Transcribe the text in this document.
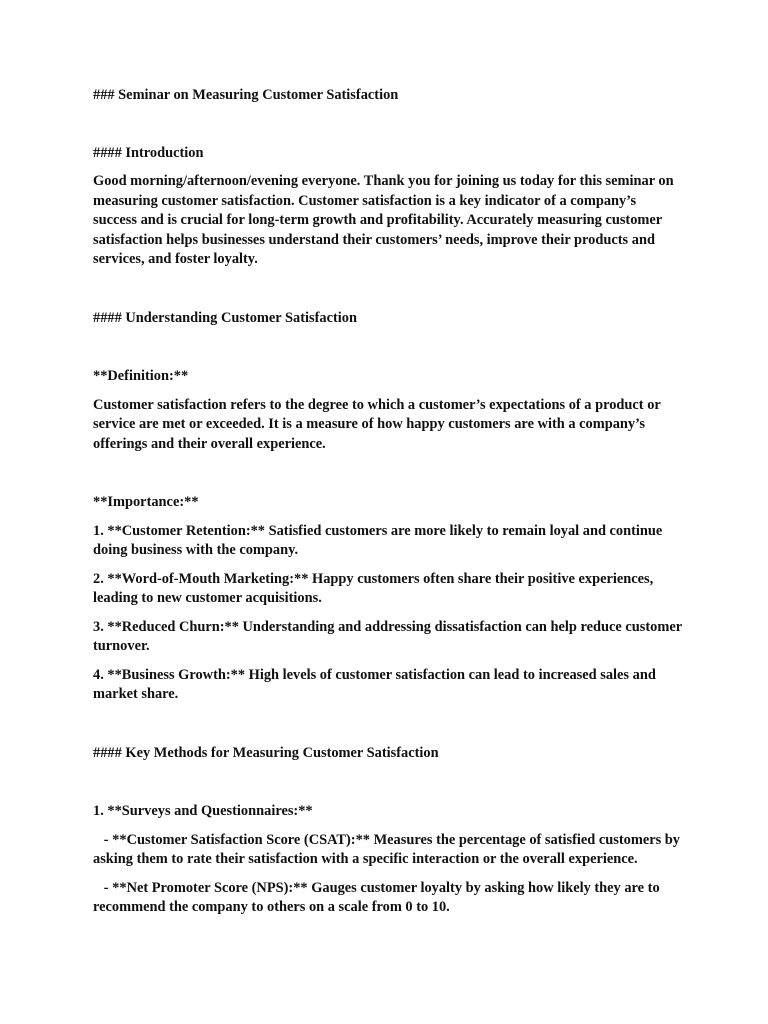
### Seminar on Measuring Customer Satisfaction

#### Introduction

Good morning/afternoon/evening everyone. Thank you for joining us today for this seminar on measuring customer satisfaction. Customer satisfaction is a key indicator of a company’s success and is crucial for long-term growth and profitability. Accurately measuring customer satisfaction helps businesses understand their customers’ needs, improve their products and services, and foster loyalty.

#### Understanding Customer Satisfaction

**Definition:**

Customer satisfaction refers to the degree to which a customer’s expectations of a product or service are met or exceeded. It is a measure of how happy customers are with a company’s offerings and their overall experience.

**Importance:**

1. **Customer Retention:** Satisfied customers are more likely to remain loyal and continue doing business with the company.

2. **Word-of-Mouth Marketing:** Happy customers often share their positive experiences, leading to new customer acquisitions.

3. **Reduced Churn:** Understanding and addressing dissatisfaction can help reduce customer turnover.

4. **Business Growth:** High levels of customer satisfaction can lead to increased sales and market share.

#### Key Methods for Measuring Customer Satisfaction

1. **Surveys and Questionnaires:**

- **Customer Satisfaction Score (CSAT):** Measures the percentage of satisfied customers by asking them to rate their satisfaction with a specific interaction or the overall experience.

- **Net Promoter Score (NPS):** Gauges customer loyalty by asking how likely they are to recommend the company to others on a scale from 0 to 10.
